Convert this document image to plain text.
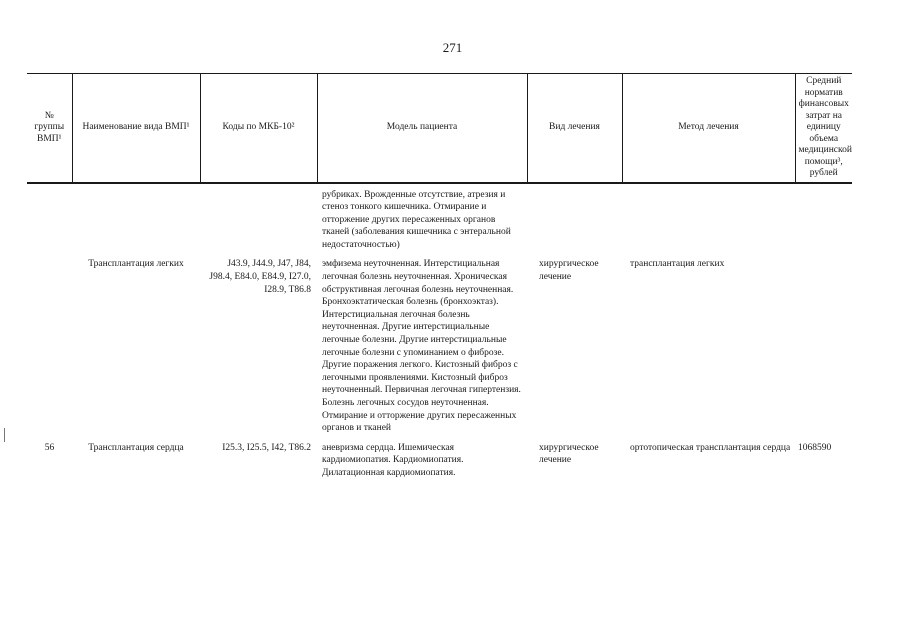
271
№ группы ВМП¹	Наименование вида ВМП¹	Коды по МКБ-10²	Модель пациента	Вид лечения	Метод лечения	Средний норматив финансовых затрат на единицу объема медицинской помощи³, рублей
			рубриках. Врожденные отсутствие, атрезия и стеноз тонкого кишечника. Отмирание и отторжение других пересаженных органов тканей (заболевания кишечника с энтеральной недостаточностью)			
	Трансплантация легких	J43.9, J44.9, J47, J84, J98.4, E84.0, E84.9, I27.0, I28.9, T86.8	эмфизема неуточненная. Интерстициальная легочная болезнь неуточненная. Хроническая обструктивная легочная болезнь неуточненная. Бронхоэктатическая болезнь (бронхоэктаз). Интерстициальная легочная болезнь неуточненная. Другие интерстициальные легочные болезни. Другие интерстициальные легочные болезни с упоминанием о фиброзе. Другие поражения легкого. Кистозный фиброз с легочными проявлениями. Кистозный фиброз неуточненный. Первичная легочная гипертензия. Болезнь легочных сосудов неуточненная. Отмирание и отторжение других пересаженных органов и тканей	хирургическое лечение	трансплантация легких	
56	Трансплантация сердца	I25.3, I25.5, I42, T86.2	аневризма сердца. Ишемическая кардиомиопатия. Кардиомиопатия. Дилатационная кардиомиопатия.	хирургическое лечение	ортотопическая трансплантация сердца	1068590
